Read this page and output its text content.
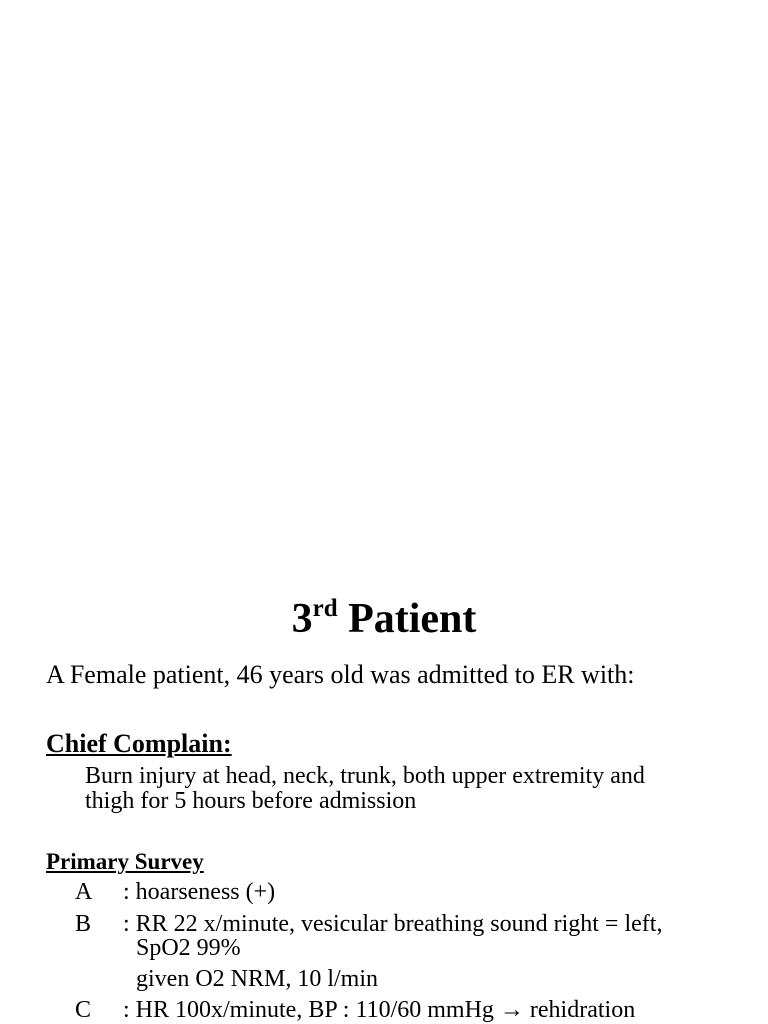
3rd Patient
A Female patient, 46 years old was admitted to ER with:
Chief Complain:
Burn injury at head, neck, trunk, both upper extremity and
thigh for 5 hours before admission
Primary Survey
A : hoarseness (+)
B : RR 22 x/minute, vesicular breathing sound right = left,
SpO2 99%
given O2 NRM, 10 l/min
C : HR 100x/minute, BP : 110/60 mmHg → rehidration
